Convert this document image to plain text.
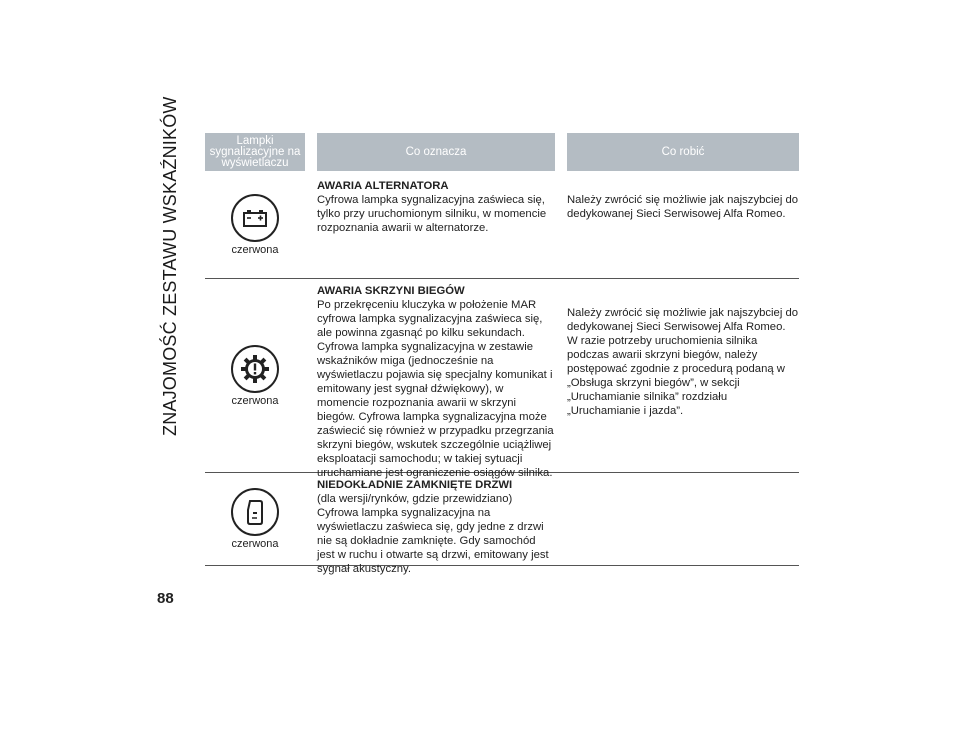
ZNAJOMOŚĆ ZESTAWU WSKAŹNIKÓW	Lampki sygnalizacyjne na wyświetlaczu
Co oznacza	Co robić
czerwona
AWARIA ALTERNATORA
Cyfrowa lampka sygnalizacyjna zaświeca się, tylko przy uruchomionym silniku, w momencie rozpoznania awarii w alternatorze.
Należy zwrócić się możliwie jak najszybciej do dedykowanej Sieci Serwisowej Alfa Romeo.
czerwona
AWARIA SKRZYNI BIEGÓW
Po przekręceniu kluczyka w położenie MAR cyfrowa lampka sygnalizacyjna zaświeca się, ale powinna zgasnąć po kilku sekundach. Cyfrowa lampka sygnalizacyjna w zestawie wskaźników miga (jednocześnie na wyświetlaczu pojawia się specjalny komunikat i emitowany jest sygnał dźwiękowy), w momencie rozpoznania awarii w skrzyni biegów. Cyfrowa lampka sygnalizacyjna może zaświecić się również w przypadku przegrzania skrzyni biegów, wskutek szczególnie uciążliwej eksploatacji samochodu; w takiej sytuacji uruchamiane jest ograniczenie osiągów silnika.
Należy zwrócić się możliwie jak najszybciej do dedykowanej Sieci Serwisowej Alfa Romeo. W razie potrzeby uruchomienia silnika podczas awarii skrzyni biegów, należy postępować zgodnie z procedurą podaną w „Obsługa skrzyni biegów”, w sekcji „Uruchamianie silnika” rozdziału „Uruchamianie i jazda”.
czerwona
NIEDOKŁADNIE ZAMKNIĘTE DRZWI
(dla wersji/rynków, gdzie przewidziano) Cyfrowa lampka sygnalizacyjna na wyświetlaczu zaświeca się, gdy jedne z drzwi nie są dokładnie zamknięte. Gdy samochód jest w ruchu i otwarte są drzwi, emitowany jest sygnał akustyczny.
88
